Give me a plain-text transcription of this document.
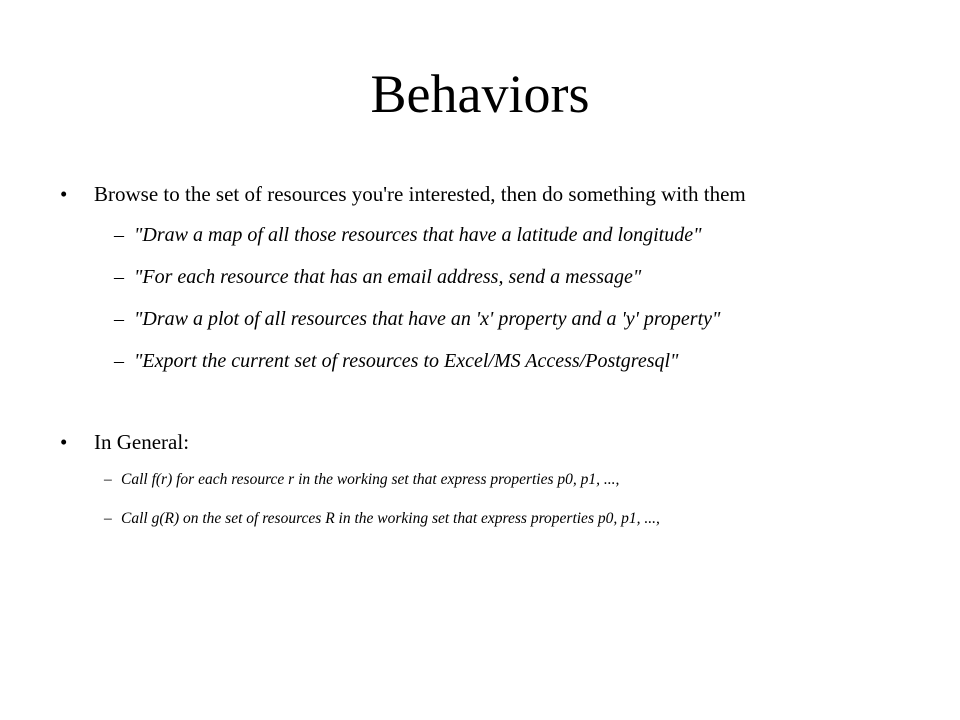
Behaviors
• Browse to the set of resources you're interested, then do something with them
– "Draw a map of all those resources that have a latitude and longitude"
– "For each resource that has an email address, send a message"
– "Draw a plot of all resources that have an 'x' property and a 'y' property"
– "Export the current set of resources to Excel/MS Access/Postgresql"
• In General:
– Call f(r) for each resource r in the working set that express properties p0, p1, ...,
– Call g(R) on the set of resources R in the working set that express properties p0, p1, ...,
